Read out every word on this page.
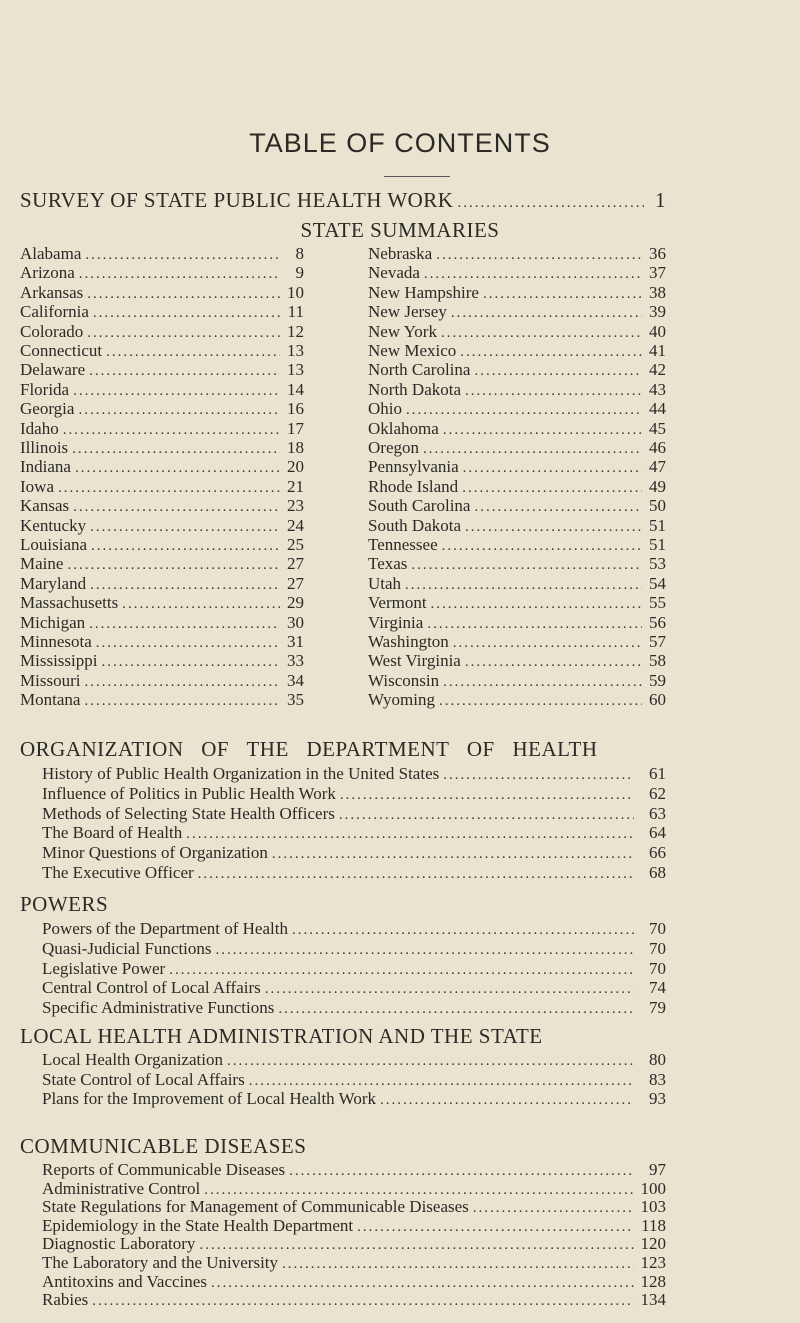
TABLE OF CONTENTS
SURVEY OF STATE PUBLIC HEALTH WORK .....	1
STATE SUMMARIES
Alabama .....	8
Arizona .....	9
Arkansas .....	10
California .....	11
Colorado .....	12
Connecticut .....	13
Delaware .....	13
Florida .....	14
Georgia .....	16
Idaho .....	17
Illinois .....	18
Indiana .....	20
Iowa .....	21
Kansas .....	23
Kentucky .....	24
Louisiana .....	25
Maine .....	27
Maryland .....	27
Massachusetts .....	29
Michigan .....	30
Minnesota .....	31
Mississippi .....	33
Missouri .....	34
Montana .....	35
Nebraska .....	36
Nevada .....	37
New Hampshire .....	38
New Jersey .....	39
New York .....	40
New Mexico .....	41
North Carolina .....	42
North Dakota .....	43
Ohio .....	44
Oklahoma .....	45
Oregon .....	46
Pennsylvania .....	47
Rhode Island .....	49
South Carolina .....	50
South Dakota .....	51
Tennessee .....	51
Texas .....	53
Utah .....	54
Vermont .....	55
Virginia .....	56
Washington .....	57
West Virginia .....	58
Wisconsin .....	59
Wyoming .....	60
ORGANIZATION OF THE DEPARTMENT OF HEALTH
History of Public Health Organization in the United States .....	61
Influence of Politics in Public Health Work .....	62
Methods of Selecting State Health Officers .....	63
The Board of Health .....	64
Minor Questions of Organization .....	66
The Executive Officer .....	68
POWERS
Powers of the Department of Health .....	70
Quasi-Judicial Functions .....	70
Legislative Power .....	70
Central Control of Local Affairs .....	74
Specific Administrative Functions .....	79
LOCAL HEALTH ADMINISTRATION AND THE STATE
Local Health Organization .....	80
State Control of Local Affairs .....	83
Plans for the Improvement of Local Health Work .....	93
COMMUNICABLE DISEASES
Reports of Communicable Diseases .....	97
Administrative Control .....	100
State Regulations for Management of Communicable Diseases .....	103
Epidemiology in the State Health Department .....	118
Diagnostic Laboratory .....	120
The Laboratory and the University .....	123
Antitoxins and Vaccines .....	128
Rabies .....	134
